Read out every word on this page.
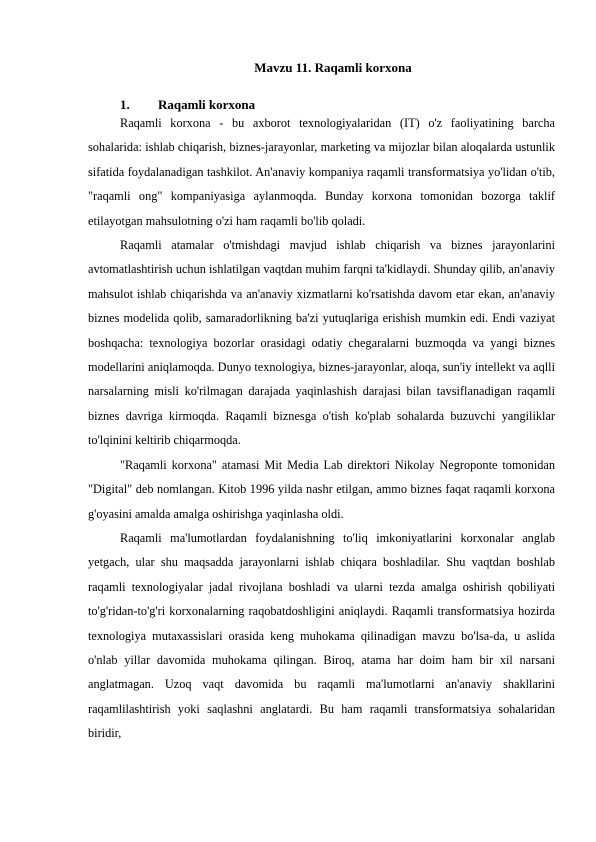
Mavzu 11. Raqamli korxona
1. Raqamli korxona

Raqamli korxona - bu axborot texnologiyalaridan (IT) o'z faoliyatining barcha sohalarida: ishlab chiqarish, biznes-jarayonlar, marketing va mijozlar bilan aloqalarda ustunlik sifatida foydalanadigan tashkilot. An'anaviy kompaniya raqamli transformatsiya yo'lidan o'tib, "raqamli ong" kompaniyasiga aylanmoqda. Bunday korxona tomonidan bozorga taklif etilayotgan mahsulotning o'zi ham raqamli bo'lib qoladi.

Raqamli atamalar o'tmishdagi mavjud ishlab chiqarish va biznes jarayonlarini avtomatlashtirish uchun ishlatilgan vaqtdan muhim farqni ta'kidlaydi. Shunday qilib, an'anaviy mahsulot ishlab chiqarishda va an'anaviy xizmatlarni ko'rsatishda davom etar ekan, an'anaviy biznes modelida qolib, samaradorlikning ba'zi yutuqlariga erishish mumkin edi. Endi vaziyat boshqacha: texnologiya bozorlar orasidagi odatiy chegaralarni buzmoqda va yangi biznes modellarini aniqlamoqda. Dunyo texnologiya, biznes-jarayonlar, aloqa, sun'iy intellekt va aqlli narsalarning misli ko'rilmagan darajada yaqinlashish darajasi bilan tavsiflanadigan raqamli biznes davriga kirmoqda. Raqamli biznesga o'tish ko'plab sohalarda buzuvchi yangiliklar to'lqinini keltirib chiqarmoqda.

"Raqamli korxona" atamasi Mit Media Lab direktori Nikolay Negroponte tomonidan "Digital" deb nomlangan. Kitob 1996 yilda nashr etilgan, ammo biznes faqat raqamli korxona g'oyasini amalda amalga oshirishga yaqinlasha oldi.

Raqamli ma'lumotlardan foydalanishning to'liq imkoniyatlarini korxonalar anglab yetgach, ular shu maqsadda jarayonlarni ishlab chiqara boshladilar. Shu vaqtdan boshlab raqamli texnologiyalar jadal rivojlana boshladi va ularni tezda amalga oshirish qobiliyati to'g'ridan-to'g'ri korxonalarning raqobatdoshligini aniqlaydi. Raqamli transformatsiya hozirda texnologiya mutaxassislari orasida keng muhokama qilinadigan mavzu bo'lsa-da, u aslida o'nlab yillar davomida muhokama qilingan. Biroq, atama har doim ham bir xil narsani anglatmagan. Uzoq vaqt davomida bu raqamli ma'lumotlarni an'anaviy shakllarini raqamlilashtirish yoki saqlashni anglatardi. Bu ham raqamli transformatsiya sohalaridan biridir,
